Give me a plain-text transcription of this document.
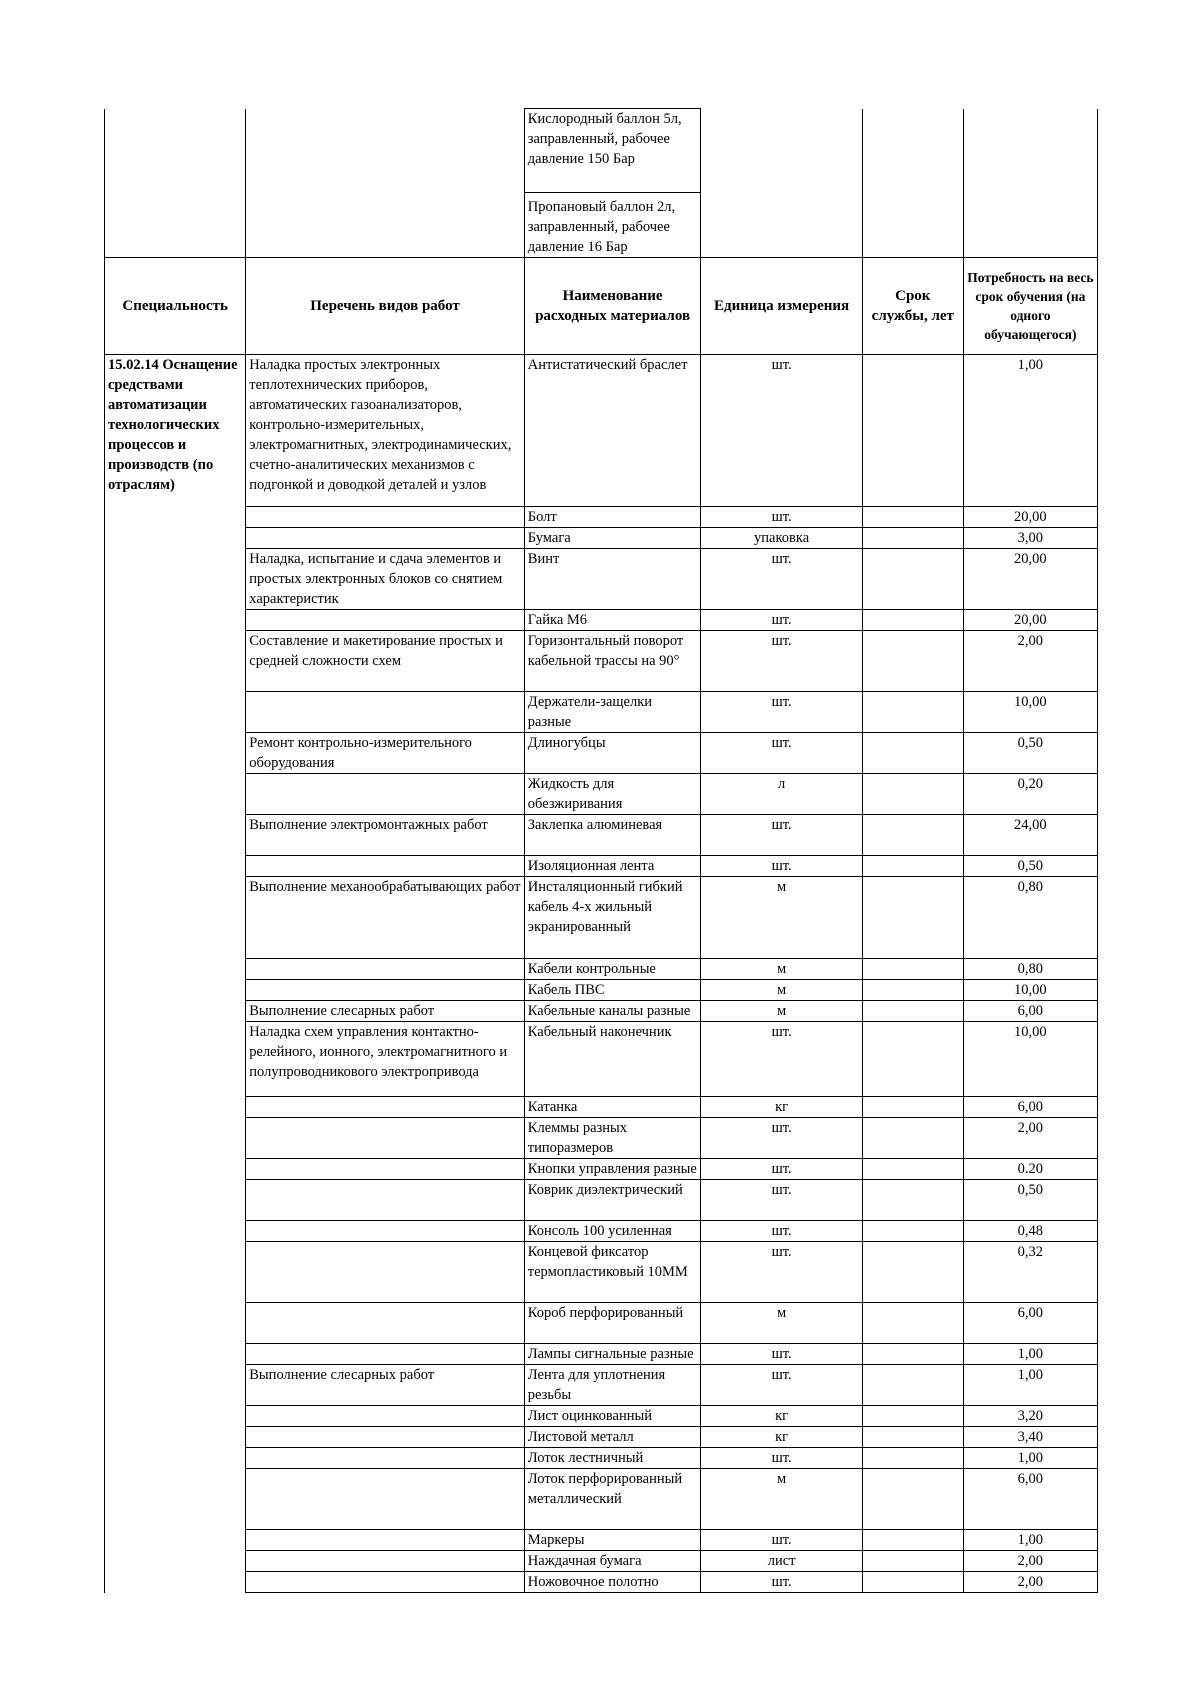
		Кислородный баллон 5л, заправленный, рабочее давление 150 Бар			
		Пропановый баллон 2л, заправленный, рабочее давление 16 Бар			
Специальность	Перечень видов работ	Наименование расходных материалов	Единица измерения	Срок службы, лет	Потребность на весь срок обучения (на одного обучающегося)
15.02.14 Оснащение средствами автоматизации технологических процессов и производств (по отраслям)	Наладка простых электронных теплотехнических приборов, автоматических газоанализаторов, контрольно-измерительных, электромагнитных, электродинамических, счетно-аналитических механизмов с подгонкой и доводкой деталей и узлов	Антистатический браслет	шт.		1,00
		Болт	шт.		20,00
		Бумага	упаковка		3,00
	Наладка, испытание и сдача элементов и простых электронных блоков со снятием характеристик	Винт	шт.		20,00
		Гайка М6	шт.		20,00
	Составление и макетирование простых и средней сложности схем	Горизонтальный поворот кабельной трассы на 90°	шт.		2,00
		Держатели-защелки разные	шт.		10,00
	Ремонт контрольно-измерительного оборудования	Длиногубцы	шт.		0,50
		Жидкость для обезжиривания	л		0,20
	Выполнение электромонтажных работ	Заклепка алюминевая	шт.		24,00
		Изоляционная лента	шт.		0,50
	Выполнение механообрабатывающих работ	Инсталяционный гибкий кабель 4-х жильный экранированный	м		0,80
		Кабели контрольные	м		0,80
		Кабель ПВС	м		10,00
	Выполнение слесарных работ	Кабельные каналы разные	м		6,00
	Наладка схем управления контактно-релейного, ионного, электромагнитного и полупроводникового электропривода	Кабельный наконечник	шт.		10,00
		Катанка	кг		6,00
		Клеммы разных типоразмеров	шт.		2,00
		Кнопки управления разные	шт.		0.20
		Коврик диэлектрический	шт.		0,50
		Консоль 100 усиленная	шт.		0,48
		Концевой фиксатор термопластиковый 10ММ	шт.		0,32
		Короб перфорированный	м		6,00
		Лампы сигнальные разные	шт.		1,00
	Выполнение слесарных работ	Лента для уплотнения резьбы	шт.		1,00
		Лист оцинкованный	кг		3,20
		Листовой металл	кг		3,40
		Лоток лестничный	шт.		1,00
		Лоток перфорированный металлический	м		6,00
		Маркеры	шт.		1,00
		Наждачная бумага	лист		2,00
		Ножовочное полотно	шт.		2,00
